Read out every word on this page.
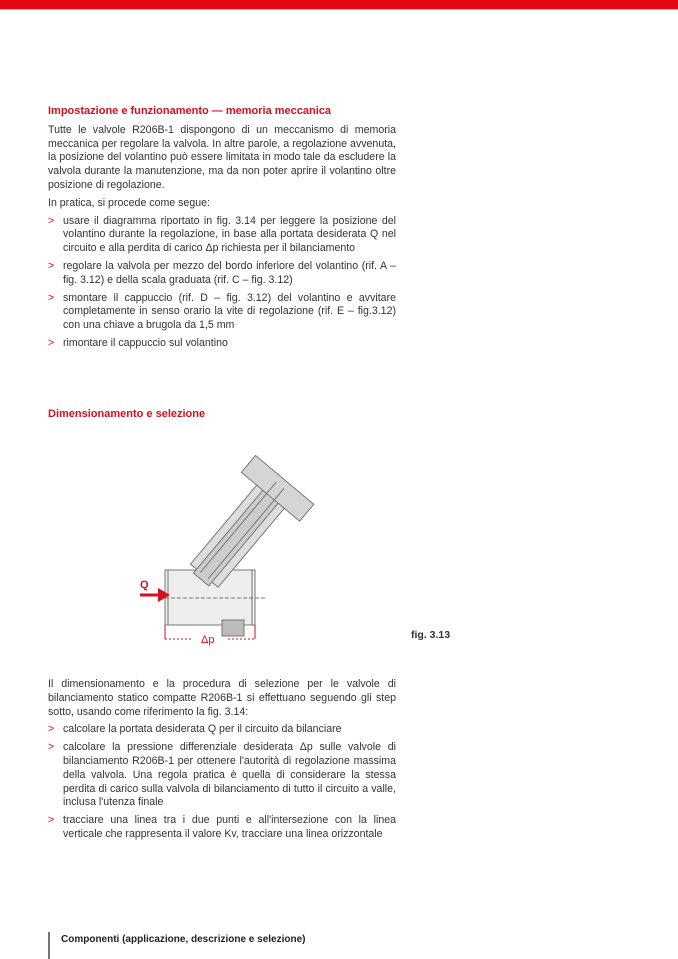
Impostazione e funzionamento — memoria meccanica

Tutte le valvole R206B-1 dispongono di un meccanismo di memoria meccanica per regolare la valvola. In altre parole, a regolazione avvenuta, la posizione del volantino può essere limitata in modo tale da escludere la valvola durante la manutenzione, ma da non poter aprire il volantino oltre posizione di regolazione.

In pratica, si procede come segue:

> usare il diagramma riportato in fig. 3.14 per leggere la posizione del volantino durante la regolazione, in base alla portata desiderata Q nel circuito e alla perdita di carico Δp richiesta per il bilanciamento
> regolare la valvola per mezzo del bordo inferiore del volantino (rif. A – fig. 3.12) e della scala graduata (rif. C – fig. 3.12)
> smontare il cappuccio (rif. D – fig. 3.12) del volantino e avvitare completamente in senso orario la vite di regolazione (rif. E – fig.3.12) con una chiave a brugola da 1,5 mm
> rimontare il cappuccio sul volantino
Dimensionamento e selezione
Q
Δp	fig. 3.13

Il dimensionamento e la procedura di selezione per le valvole di bilanciamento statico compatte R206B-1 si effettuano seguendo gli step sotto, usando come riferimento la fig. 3.14:

> calcolare la portata desiderata Q per il circuito da bilanciare
> calcolare la pressione differenziale desiderata Δp sulle valvole di bilanciamento R206B-1 per ottenere l'autorità di regolazione massima della valvola. Una regola pratica è quella di considerare la stessa perdita di carico sulla valvola di bilanciamento di tutto il circuito a valle, inclusa l'utenza finale
> tracciare una linea tra i due punti e all'intersezione con la linea verticale che rappresenta il valore Kv, tracciare una linea orizzontale
Componenti (applicazione, descrizione e selezione)
